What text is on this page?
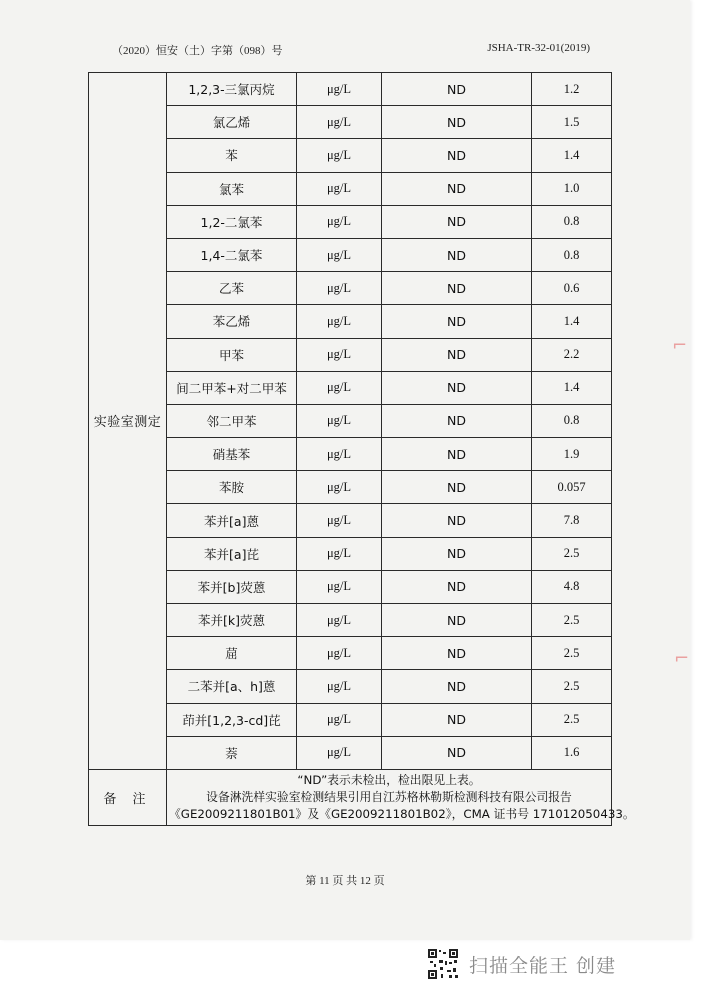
（2020）恒安（土）字第（098）号	JSHA-TR-32-01(2019)
实验室测定	1,2,3-三氯丙烷	μg/L	ND	1.2
	氯乙烯	μg/L	ND	1.5
	苯	μg/L	ND	1.4
	氯苯	μg/L	ND	1.0
	1,2-二氯苯	μg/L	ND	0.8
	1,4-二氯苯	μg/L	ND	0.8
	乙苯	μg/L	ND	0.6
	苯乙烯	μg/L	ND	1.4
	甲苯	μg/L	ND	2.2
	间二甲苯+对二甲苯	μg/L	ND	1.4
	邻二甲苯	μg/L	ND	0.8
	硝基苯	μg/L	ND	1.9
	苯胺	μg/L	ND	0.057
	苯并[a]蒽	μg/L	ND	7.8
	苯并[a]芘	μg/L	ND	2.5
	苯并[b]荧蒽	μg/L	ND	4.8
	苯并[k]荧蒽	μg/L	ND	2.5
	䓛	μg/L	ND	2.5
	二苯并[a、h]蒽	μg/L	ND	2.5
	茚并[1,2,3-cd]芘	μg/L	ND	2.5
	萘	μg/L	ND	1.6
备 注	“ND”表示未检出，检出限见上表。
设备淋洗样实验室检测结果引用自江苏格林勒斯检测科技有限公司报告
《GE2009211801B01》及《GE2009211801B02》，CMA 证书号 171012050433。			
第 11 页 共 12 页
⌐
⌐
扫描全能王 创建
